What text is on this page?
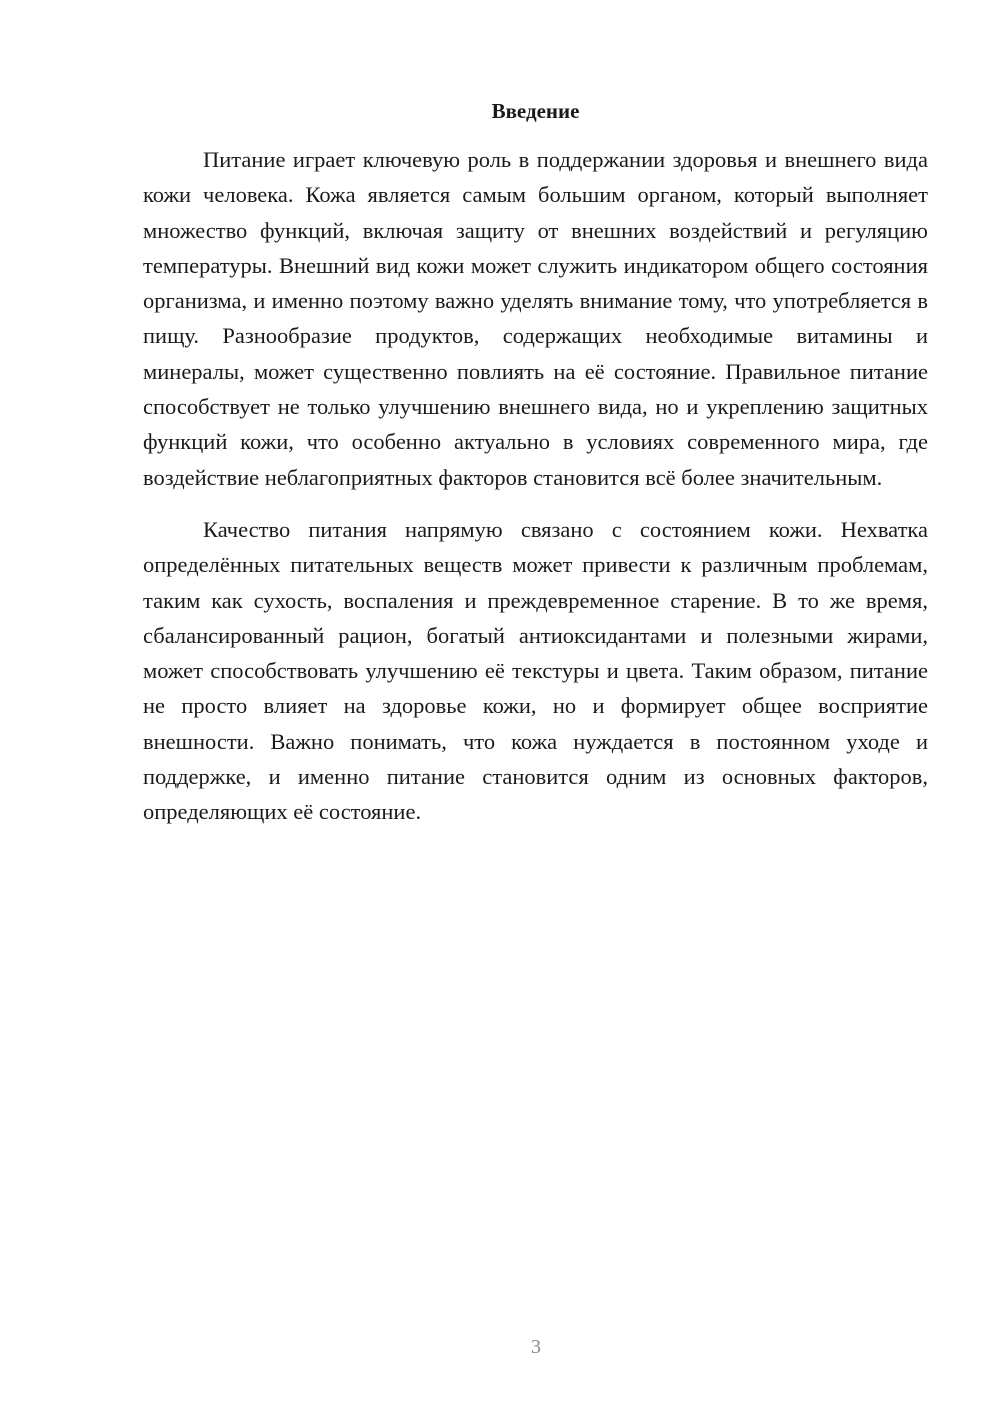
Введение

Питание играет ключевую роль в поддержании здоровья и внешнего вида кожи человека. Кожа является самым большим органом, который выполняет множество функций, включая защиту от внешних воздействий и регуляцию температуры. Внешний вид кожи может служить индикатором общего состояния организма, и именно поэтому важно уделять внимание тому, что употребляется в пищу. Разнообразие продуктов, содержащих необходимые витамины и минералы, может существенно повлиять на её состояние. Правильное питание способствует не только улучшению внешнего вида, но и укреплению защитных функций кожи, что особенно актуально в условиях современного мира, где воздействие неблагоприятных факторов становится всё более значительным.

Качество питания напрямую связано с состоянием кожи. Нехватка определённых питательных веществ может привести к различным проблемам, таким как сухость, воспаления и преждевременное старение. В то же время, сбалансированный рацион, богатый антиоксидантами и полезными жирами, может способствовать улучшению её текстуры и цвета. Таким образом, питание не просто влияет на здоровье кожи, но и формирует общее восприятие внешности. Важно понимать, что кожа нуждается в постоянном уходе и поддержке, и именно питание становится одним из основных факторов, определяющих её состояние.

3
